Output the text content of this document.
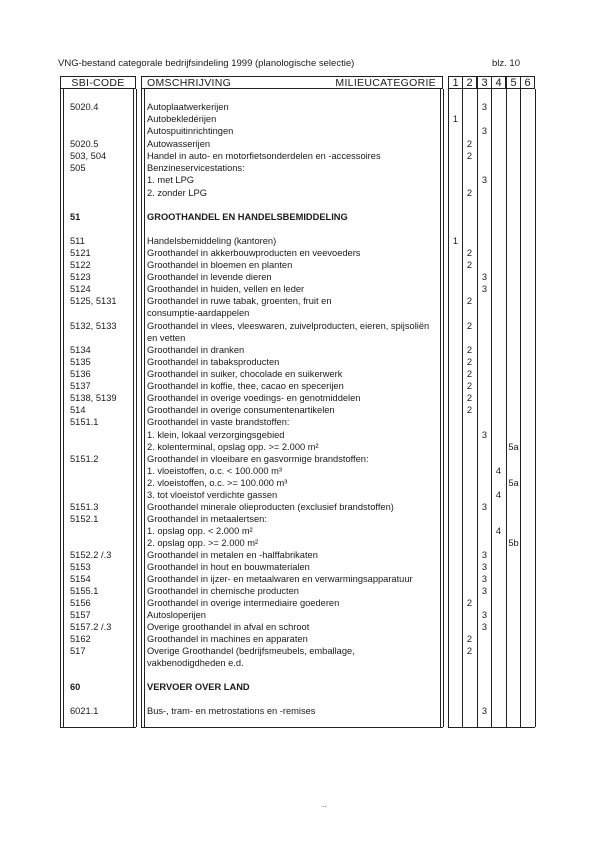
VNG-bestand categorale bedrijfsindeling 1999 (planologische selectie)	blz. 10
SBI-CODE	OMSCHRIJVING	MILIEUCATEGORIE	1 2 3 4 5 6
5020.4	Autoplaatwerkerijen	3
Autobekledérijen	1
Autospuitinrichtingen	3
5020.5	Autowasserijen	2
503, 504	Handel in auto- en motorfietsonderdelen en -accessoires	2
505	Benzineservicestations:
1. met LPG	3
2. zonder LPG	2
51	GROOTHANDEL EN HANDELSBEMIDDELING
511	Handelsbemiddeling (kantoren)	1
5121	Groothandel in akkerbouwproducten en veevoeders	2
5122	Groothandel in bloemen en planten	2
5123	Groothandel in levende dieren	3
5124	Groothandel in huiden, vellen en leder	3
5125, 5131	Groothandel in ruwe tabak, groenten, fruit en	2
consumptie-aardappelen
5132, 5133	Groothandel in vlees, vleeswaren, zuivelproducten, eieren, spijsoliën	2
en vetten
5134	Groothandel in dranken	2
5135	Groothandel in tabaksproducten	2
5136	Groothandel in suiker, chocolade en suikerwerk	2
5137	Groothandel in koffie, thee, cacao en specerijen	2
5138, 5139	Groothandel in overige voedings- en genotmiddelen	2
514	Groothandel in overige consumentenartikelen	2
5151.1	Groothandel in vaste brandstoffen:
1. klein, lokaal verzorgingsgebied	3
2. kolenterminal, opslag opp. >= 2.000 m²	5a
5151.2	Groothandel in vloeibare en gasvormige brandstoffen:
1. vloeistoffen, o.c. < 100.000 m³	4
2. vloeistoffen, o.c. >= 100.000 m³	5a
3. tot vloeistof verdichte gassen	4
5151.3	Groothandel minerale olieproducten (exclusief brandstoffen)	3
5152.1	Groothandel in metaalertsen:
1. opslag opp. < 2.000 m²	4
2. opslag opp. >= 2.000 m²	5b
5152.2 /.3	Groothandel in metalen en -halffabrikaten	3
5153	Groothandel in hout en bouwmaterialen	3
5154	Groothandel in ijzer- en metaalwaren en verwarmingsapparatuur	3
5155.1	Groothandel in chemische producten	3
5156	Groothandel in overige intermediaire goederen	2
5157	Autosloperijen	3
5157.2 /.3	Overige groothandel in afval en schroot	3
5162	Groothandel in machines en apparaten	2
517	Overige Groothandel (bedrijfsmeubels, emballage,	2
vakbenodigdheden e.d.
60	VERVOER OVER LAND
6021.1	Bus-, tram- en metrostations en -remises	3
..
